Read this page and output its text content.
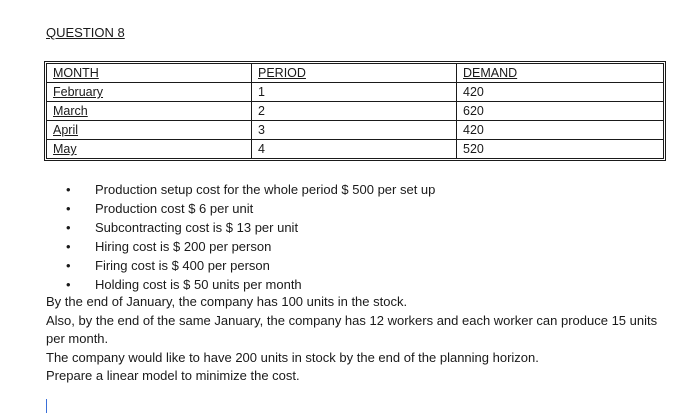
QUESTION 8
MONTH	PERIOD	DEMAND
February	1	420
March	2	620
April	3	420
May	4	520
• Production setup cost for the whole period $ 500 per set up
• Production cost $ 6 per unit
• Subcontracting cost is $ 13 per unit
• Hiring cost is $ 200 per person
• Firing cost is $ 400 per person
• Holding cost is $ 50 units per month

By the end of January, the company has 100 units in the stock.

Also, by the end of the same January, the company has 12 workers and each worker can produce 15 units per month.

The company would like to have 200 units in stock by the end of the planning horizon.

Prepare a linear model to minimize the cost.
